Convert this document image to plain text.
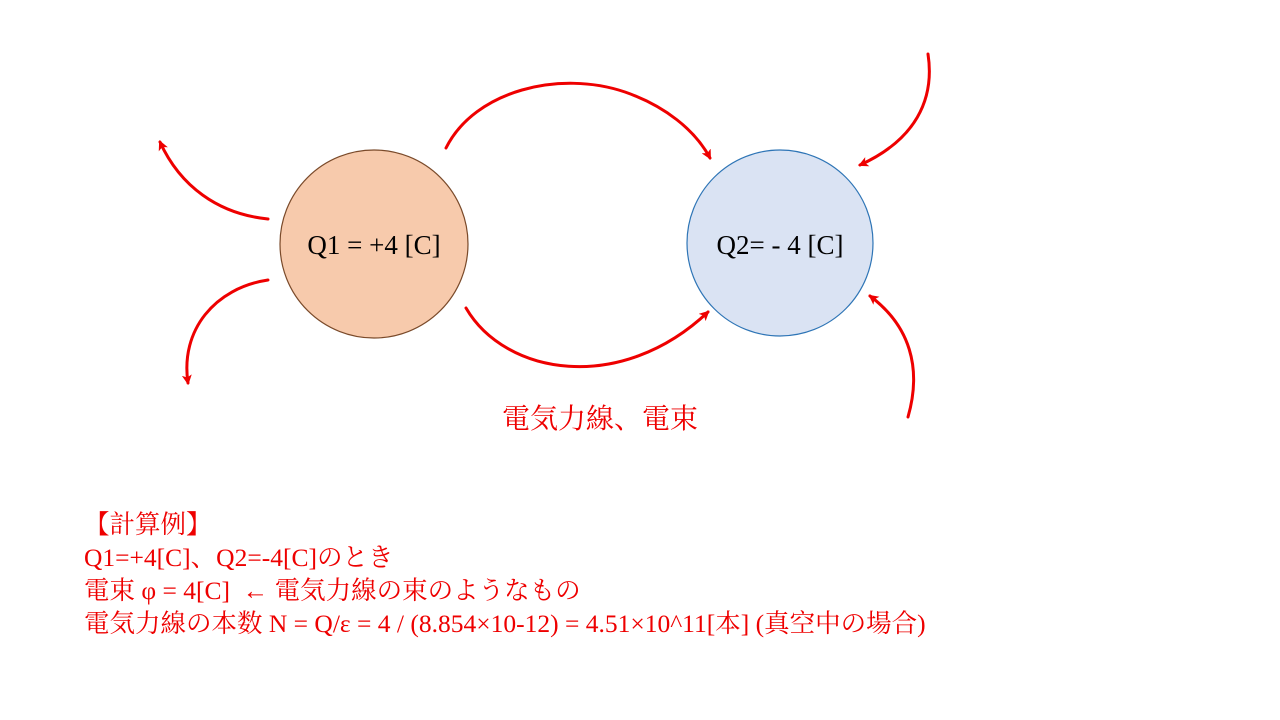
Q1 = +4 [C]	Q2= - 4 [C]
電気力線、電束
【計算例】
Q1=+4[C]、Q2=-4[C]のとき
電束 φ = 4[C]  ← 電気力線の束のようなもの
電気力線の本数 N = Q/ε = 4 / (8.854×10-12) = 4.51×10^11[本] (真空中の場合)
